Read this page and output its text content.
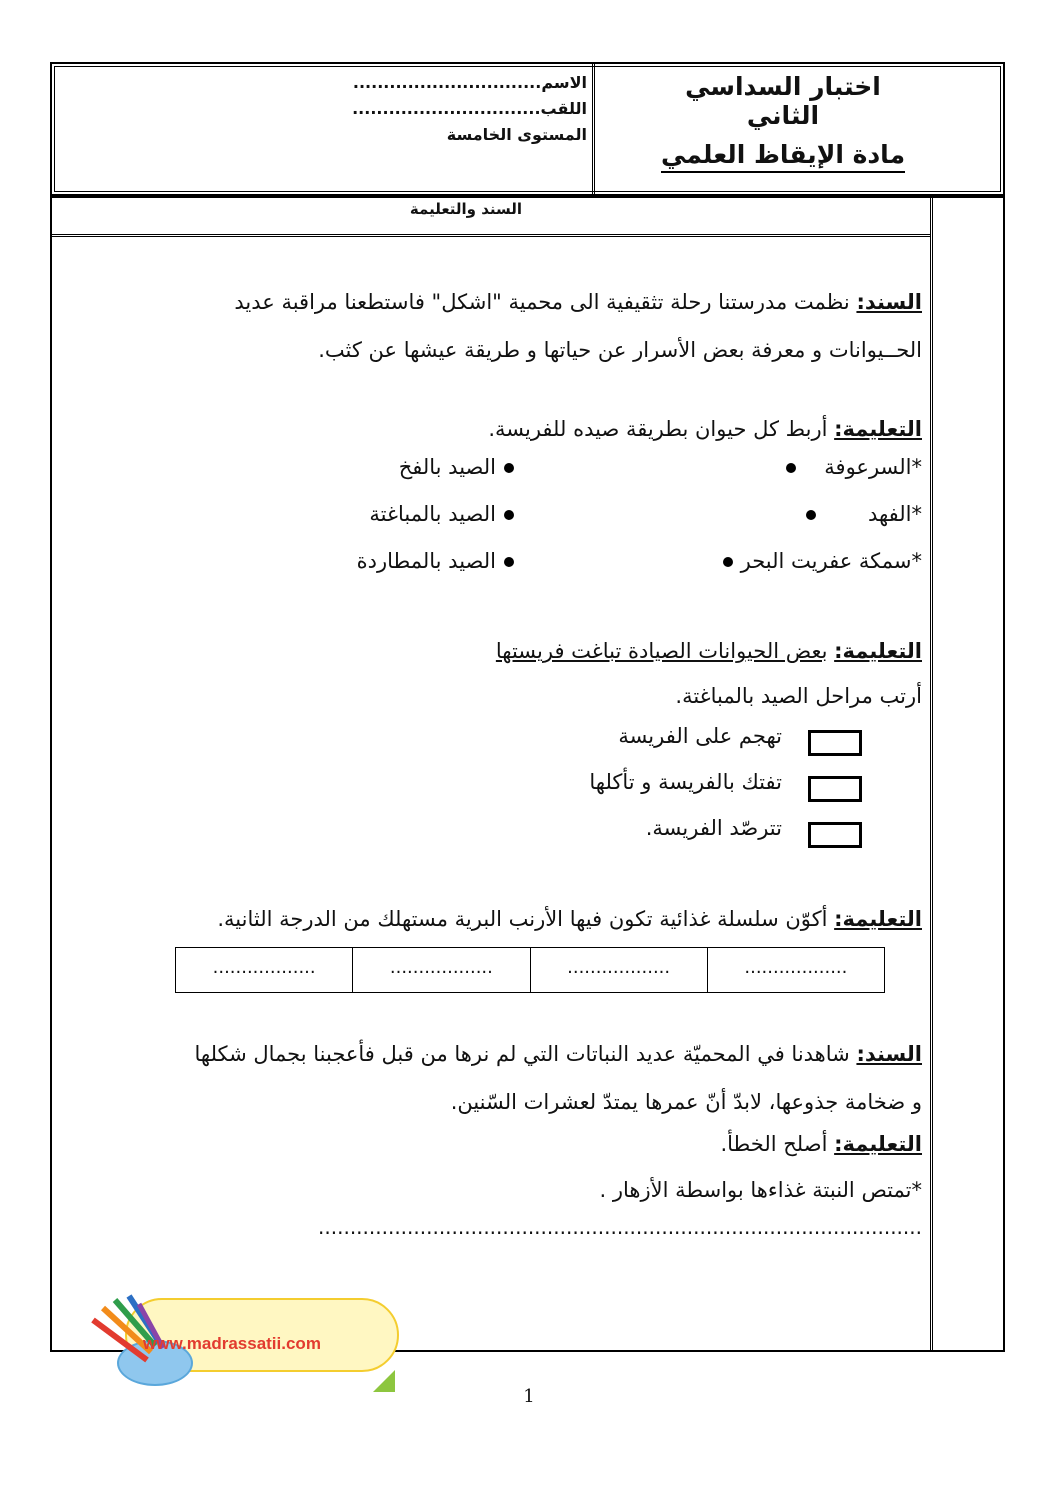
اختبار السداسي الثاني
مادة الإيقاظ العلمي
الاسم...............................
اللقب...............................
المستوى الخامسة
السند والتعليمة
السند: نظمت مدرستنا رحلة تثقيفية الى محمية "اشكل" فاستطعنا مراقبة عديد
الحــيوانات و معرفة بعض الأسرار عن حياتها و طريقة عيشها عن كثب.
التعليمة: أربط كل حيوان بطريقة صيده للفريسة.
*السرعوفة
الصيد بالفخ
*الفهد
الصيد بالمباغتة
*سمكة عفريت البحر
الصيد بالمطاردة
التعليمة: بعض الحيوانات الصيادة تباغت فريستها
أرتب مراحل الصيد بالمباغتة.
تهجم على الفريسة
تفتك بالفريسة و تأكلها
تترصّد الفريسة.
التعليمة: أكوّن سلسلة غذائية تكون فيها الأرنب البرية مستهلك من الدرجة الثانية.
..................	..................	..................	..................
السند: شاهدنا في المحميّة عديد النباتات التي لم نرها من قبل فأعجبنا بجمال شكلها
و ضخامة جذوعها، لابدّ أنّ عمرها يمتدّ لعشرات السّنين.
التعليمة: أصلح الخطأ.
*تمتص النبتة غذاءها بواسطة الأزهار .
...............................................................................................
www.madrassatii.com
1
